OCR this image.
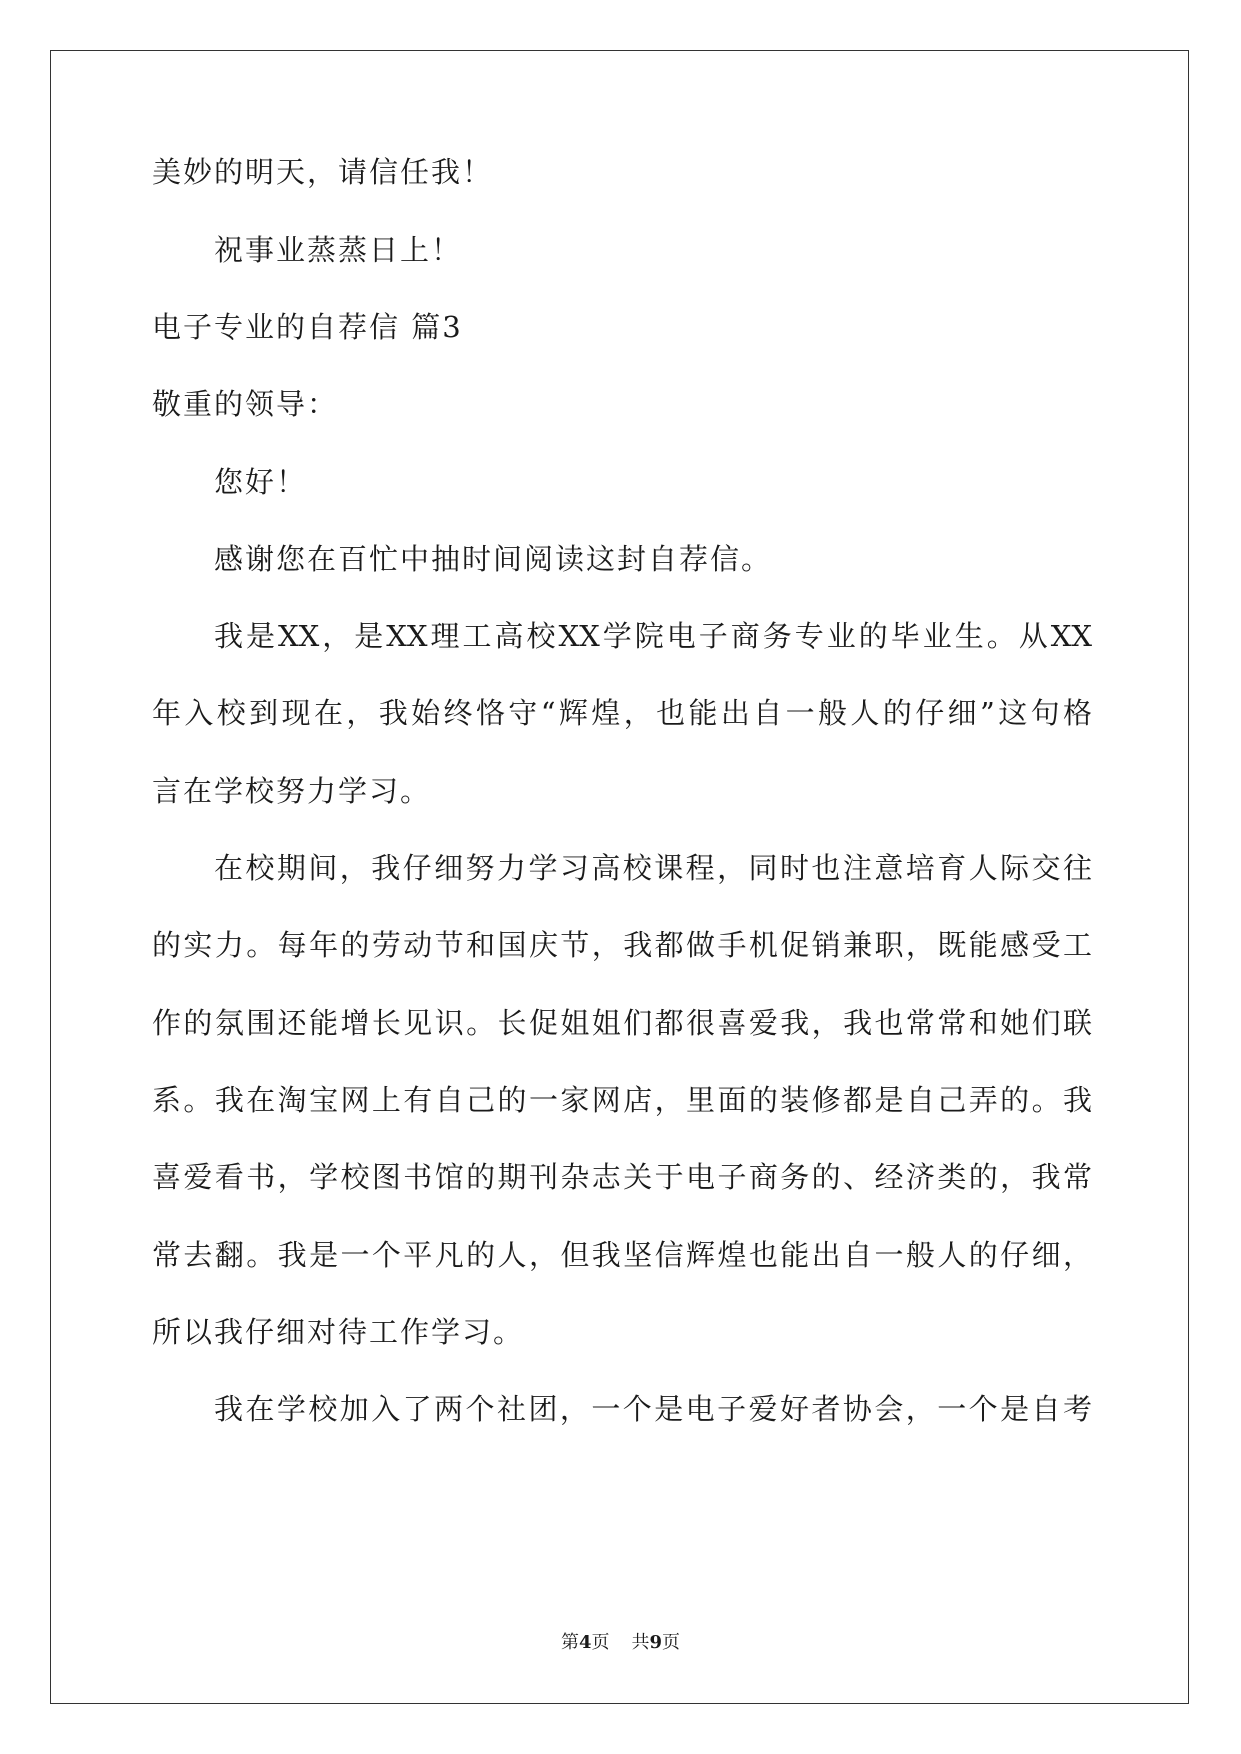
美妙的明天，请信任我！
祝事业蒸蒸日上！
电子专业的自荐信 篇3
敬重的领导：
您好！
感谢您在百忙中抽时间阅读这封自荐信。
我是XX，是XX理工高校XX学院电子商务专业的毕业生。从XX
年入校到现在，我始终恪守“辉煌，也能出自一般人的仔细”这句格
言在学校努力学习。
在校期间，我仔细努力学习高校课程，同时也注意培育人际交往
的实力。每年的劳动节和国庆节，我都做手机促销兼职，既能感受工
作的氛围还能增长见识。长促姐姐们都很喜爱我，我也常常和她们联
系。我在淘宝网上有自己的一家网店，里面的装修都是自己弄的。我
喜爱看书，学校图书馆的期刊杂志关于电子商务的、经济类的，我常
常去翻。我是一个平凡的人，但我坚信辉煌也能出自一般人的仔细，
所以我仔细对待工作学习。
我在学校加入了两个社团，一个是电子爱好者协会，一个是自考
第4页 共9页
